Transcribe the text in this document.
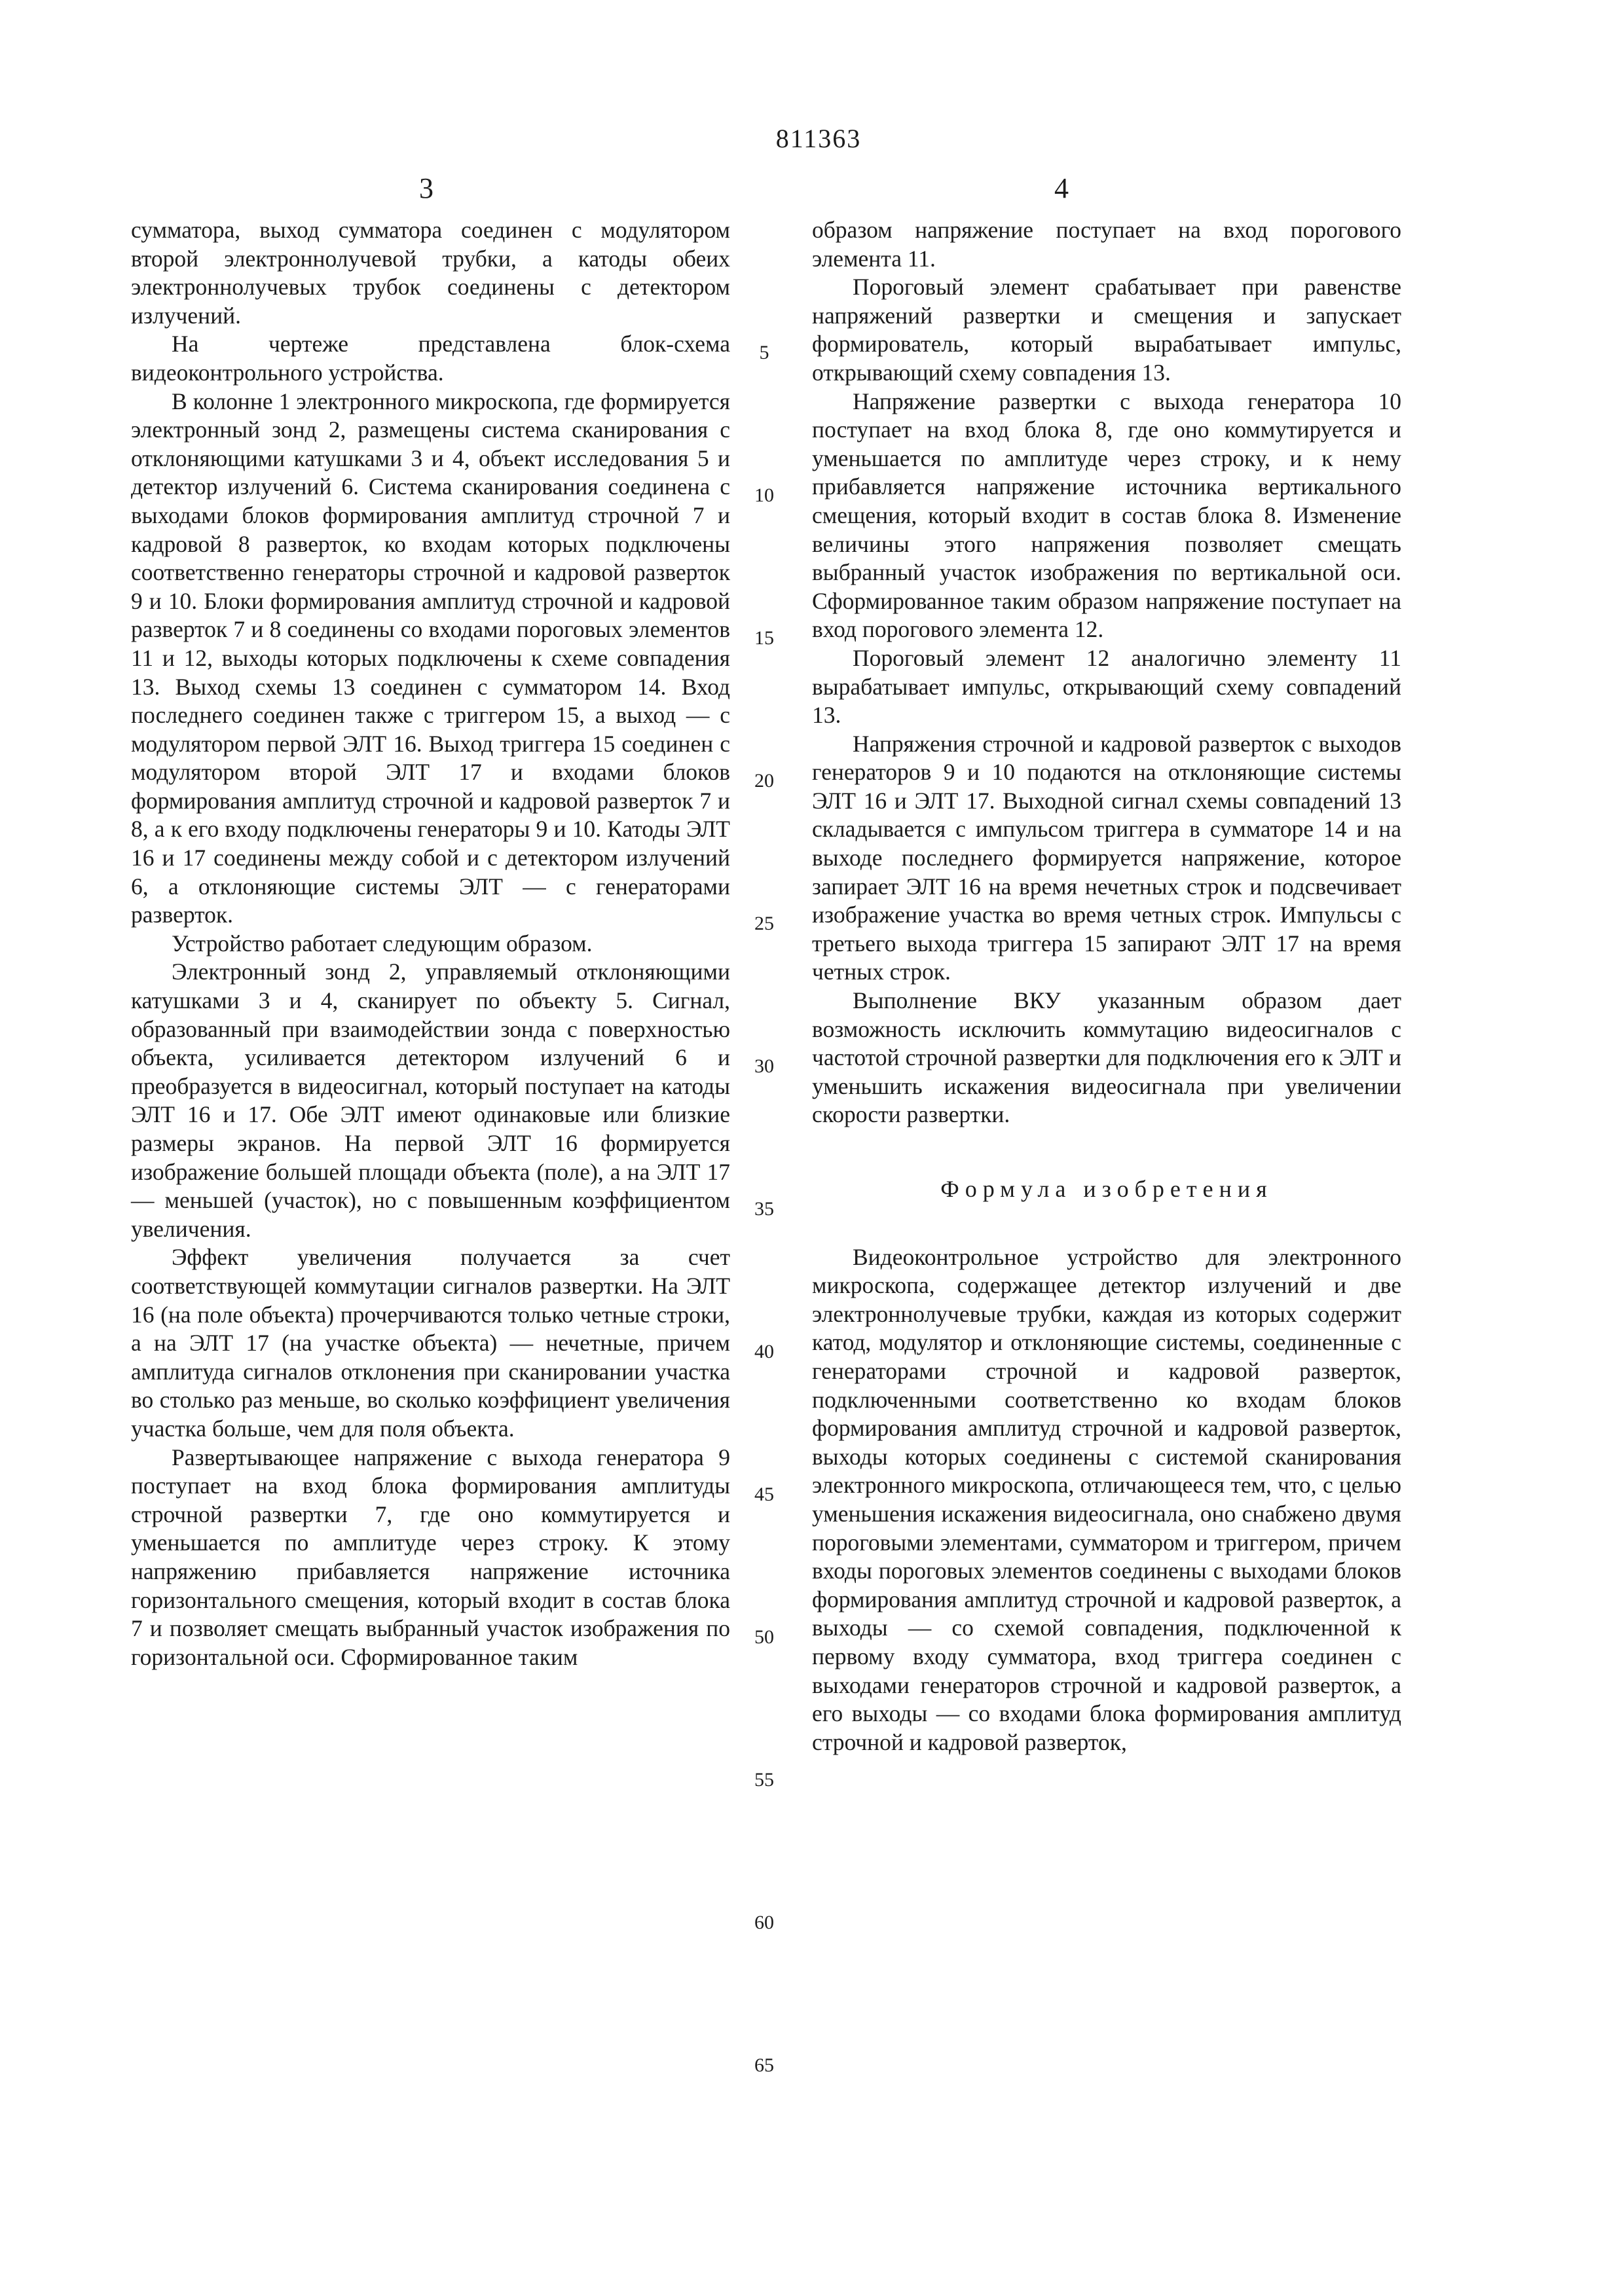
811363
3	4

сумматора, выход сумматора соединен с модулятором второй электроннолучевой трубки, а катоды обеих электроннолучевых трубок соединены с детектором излучений.

На чертеже представлена блок-схема видеоконтрольного устройства.

В колонне 1 электронного микроскопа, где формируется электронный зонд 2, размещены система сканирования с отклоняющими катушками 3 и 4, объект исследования 5 и детектор излучений 6. Система сканирования соединена с выходами блоков формирования амплитуд строчной 7 и кадровой 8 разверток, ко входам которых подключены соответственно генераторы строчной и кадровой разверток 9 и 10. Блоки формирования амплитуд строчной и кадровой разверток 7 и 8 соединены со входами пороговых элементов 11 и 12, выходы которых подключены к схеме совпадения 13. Выход схемы 13 соединен с сумматором 14. Вход последнего соединен также с триггером 15, а выход — с модулятором первой ЭЛТ 16. Выход триггера 15 соединен с модулятором второй ЭЛТ 17 и входами блоков формирования амплитуд строчной и кадровой разверток 7 и 8, а к его входу подключены генераторы 9 и 10. Катоды ЭЛТ 16 и 17 соединены между собой и с детектором излучений 6, а отклоняющие системы ЭЛТ — с генераторами разверток.

Устройство работает следующим образом.

Электронный зонд 2, управляемый отклоняющими катушками 3 и 4, сканирует по объекту 5. Сигнал, образованный при взаимодействии зонда с поверхностью объекта, усиливается детектором излучений 6 и преобразуется в видеосигнал, который поступает на катоды ЭЛТ 16 и 17. Обе ЭЛТ имеют одинаковые или близкие размеры экранов. На первой ЭЛТ 16 формируется изображение большей площади объекта (поле), а на ЭЛТ 17 — меньшей (участок), но с повышенным коэффициентом увеличения.

Эффект увеличения получается за счет соответствующей коммутации сигналов развертки. На ЭЛТ 16 (на поле объекта) прочерчиваются только четные строки, а на ЭЛТ 17 (на участке объекта) — нечетные, причем амплитуда сигналов отклонения при сканировании участка во столько раз меньше, во сколько коэффициент увеличения участка больше, чем для поля объекта.

Развертывающее напряжение с выхода генератора 9 поступает на вход блока формирования амплитуды строчной развертки 7, где оно коммутируется и уменьшается по амплитуде через строку. К этому напряжению прибавляется напряжение источника горизонтального смещения, который входит в состав блока 7 и позволяет смещать выбранный участок изображения по горизонтальной оси. Сформированное таким

5
10
15
20
25
30
35
40
45
50
55
60
65

образом напряжение поступает на вход порогового элемента 11.

Пороговый элемент срабатывает при равенстве напряжений развертки и смещения и запускает формирователь, который вырабатывает импульс, открывающий схему совпадения 13.

Напряжение развертки с выхода генератора 10 поступает на вход блока 8, где оно коммутируется и уменьшается по амплитуде через строку, и к нему прибавляется напряжение источника вертикального смещения, который входит в состав блока 8. Изменение величины этого напряжения позволяет смещать выбранный участок изображения по вертикальной оси. Сформированное таким образом напряжение поступает на вход порогового элемента 12.

Пороговый элемент 12 аналогично элементу 11 вырабатывает импульс, открывающий схему совпадений 13.

Напряжения строчной и кадровой разверток с выходов генераторов 9 и 10 подаются на отклоняющие системы ЭЛТ 16 и ЭЛТ 17. Выходной сигнал схемы совпадений 13 складывается с импульсом триггера в сумматоре 14 и на выходе последнего формируется напряжение, которое запирает ЭЛТ 16 на время нечетных строк и подсвечивает изображение участка во время четных строк. Импульсы с третьего выхода триггера 15 запирают ЭЛТ 17 на время четных строк.

Выполнение ВКУ указанным образом дает возможность исключить коммутацию видеосигналов с частотой строчной развертки для подключения его к ЭЛТ и уменьшить искажения видеосигнала при увеличении скорости развертки.

Формула изобретения

Видеоконтрольное устройство для электронного микроскопа, содержащее детектор излучений и две электроннолучевые трубки, каждая из которых содержит катод, модулятор и отклоняющие системы, соединенные с генераторами строчной и кадровой разверток, подключенными соответственно ко входам блоков формирования амплитуд строчной и кадровой разверток, выходы которых соединены с системой сканирования электронного микроскопа, отличающееся тем, что, с целью уменьшения искажения видеосигнала, оно снабжено двумя пороговыми элементами, сумматором и триггером, причем входы пороговых элементов соединены с выходами блоков формирования амплитуд строчной и кадровой разверток, а выходы — со схемой совпадения, подключенной к первому входу сумматора, вход триггера соединен с выходами генераторов строчной и кадровой разверток, а его выходы — со входами блока формирования амплитуд строчной и кадровой разверток,
